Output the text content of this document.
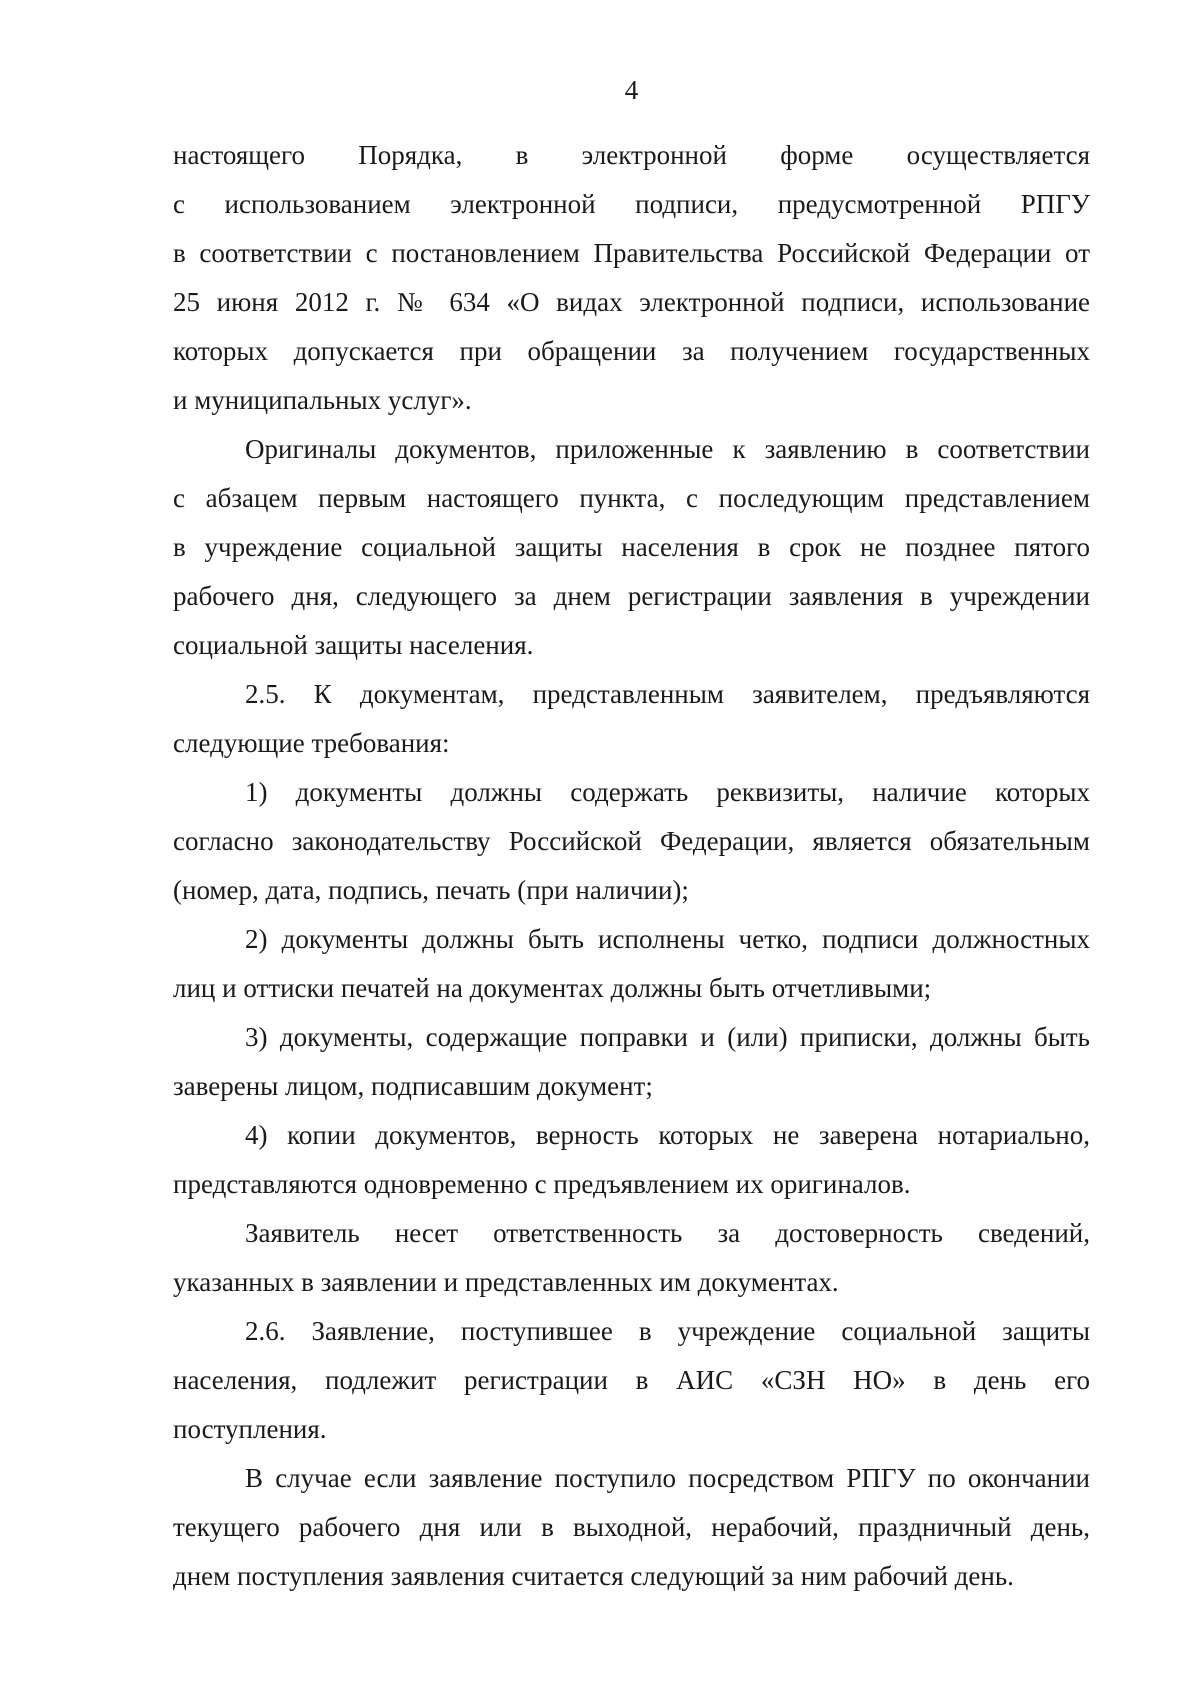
4

настоящего Порядка, в электронной форме осуществляется
с использованием электронной подписи, предусмотренной РПГУ
в соответствии с постановлением Правительства Российской Федерации от
25 июня 2012 г. № 634 «О видах электронной подписи, использование
которых допускается при обращении за получением государственных
и муниципальных услуг».

Оригиналы документов, приложенные к заявлению в соответствии
с абзацем первым настоящего пункта, с последующим представлением
в учреждение социальной защиты населения в срок не позднее пятого
рабочего дня, следующего за днем регистрации заявления в учреждении
социальной защиты населения.

2.5. К документам, представленным заявителем, предъявляются
следующие требования:

1) документы должны содержать реквизиты, наличие которых
согласно законодательству Российской Федерации, является обязательным
(номер, дата, подпись, печать (при наличии);

2) документы должны быть исполнены четко, подписи должностных
лиц и оттиски печатей на документах должны быть отчетливыми;

3) документы, содержащие поправки и (или) приписки, должны быть
заверены лицом, подписавшим документ;

4) копии документов, верность которых не заверена нотариально,
представляются одновременно с предъявлением их оригиналов.

Заявитель несет ответственность за достоверность сведений,
указанных в заявлении и представленных им документах.

2.6. Заявление, поступившее в учреждение социальной защиты
населения, подлежит регистрации в АИС «СЗН НО» в день его
поступления.

В случае если заявление поступило посредством РПГУ по окончании
текущего рабочего дня или в выходной, нерабочий, праздничный день,
днем поступления заявления считается следующий за ним рабочий день.
